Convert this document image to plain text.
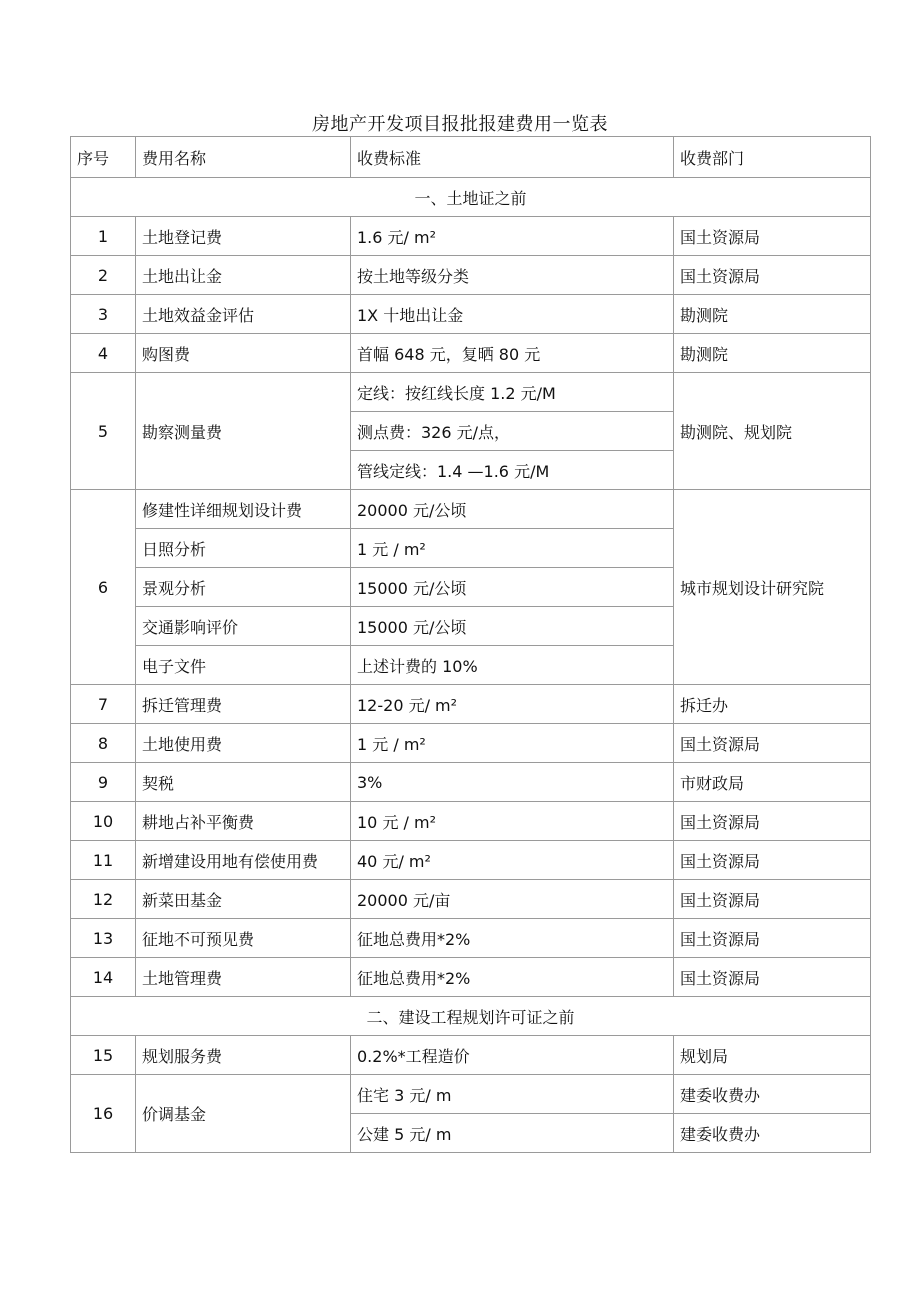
房地产开发项目报批报建费用一览表
序号	费用名称	收费标准	收费部门
一、土地证之前			
1	土地登记费	1.6 元/ m²	国土资源局
2	土地出让金	按土地等级分类	国土资源局
3	土地效益金评估	1X 十地出让金	勘测院
4	购图费	首幅 648 元，复晒 80 元	勘测院
5	勘察测量费	定线：按红线长度 1.2 元/M	勘测院、规划院
		测点费：326 元/点，	
		管线定线：1.4 —1.6 元/M	
6	修建性详细规划设计费	20000 元/公顷	城市规划设计研究院
	日照分析	1 元 / m²	
	景观分析	15000 元/公顷	
	交通影响评价	15000 元/公顷	
	电子文件	上述计费的 10%	
7	拆迁管理费	12-20 元/ m²	拆迁办
8	土地使用费	1 元 / m²	国土资源局
9	契税	3%	市财政局
10	耕地占补平衡费	10 元 / m²	国土资源局
11	新增建设用地有偿使用费	40 元/ m²	国土资源局
12	新菜田基金	20000 元/亩	国土资源局
13	征地不可预见费	征地总费用*2%	国土资源局
14	土地管理费	征地总费用*2%	国土资源局
二、建设工程规划许可证之前			
15	规划服务费	0.2%*工程造价	规划局
16	价调基金	住宅 3 元/ m	建委收费办
		公建 5 元/ m	建委收费办
